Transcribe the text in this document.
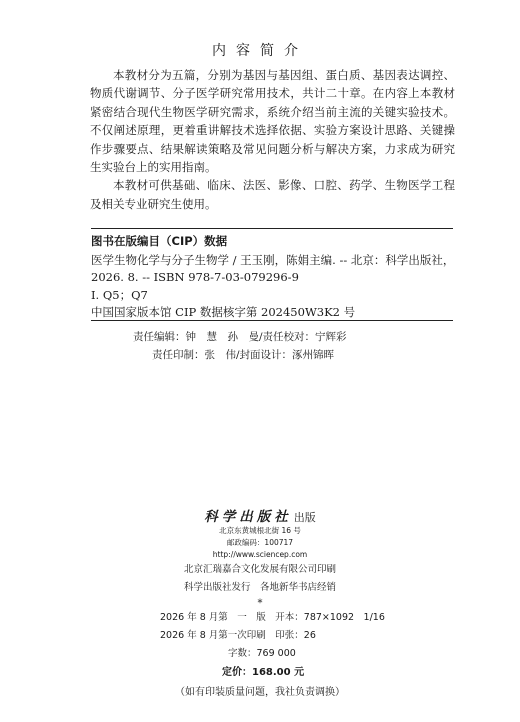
内容简介

本教材分为五篇，分别为基因与基因组、蛋白质、基因表达调控、物质代谢调节、分子医学研究常用技术，共计二十章。在内容上本教材紧密结合现代生物医学研究需求，系统介绍当前主流的关键实验技术。不仅阐述原理，更着重讲解技术选择依据、实验方案设计思路、关键操作步骤要点、结果解读策略及常见问题分析与解决方案，力求成为研究生实验台上的实用指南。

本教材可供基础、临床、法医、影像、口腔、药学、生物医学工程及相关专业研究生使用。

图书在版编目（CIP）数据
医学生物化学与分子生物学 / 王玉刚，陈娟主编. -- 北京：科学出版社，2026. 8. -- ISBN 978-7-03-079296-9
Ⅰ. Q5；Q7
中国国家版本馆 CIP 数据核字第 202450W3K2 号
责任编辑：钟　慧　孙　曼/责任校对：宁辉彩
责任印制：张　伟/封面设计：涿州锦晖
科学出版社 出版
北京东黄城根北街 16 号
邮政编码：100717
http://www.sciencep.com
北京汇瑞嘉合文化发展有限公司印刷
科学出版社发行　各地新华书店经销
*
2026 年 8 月第　一　版　开本：787×1092　1/16
2026 年 8 月第一次印刷　印张：26
字数：769 000
定价：168.00 元
（如有印装质量问题，我社负责调换）
